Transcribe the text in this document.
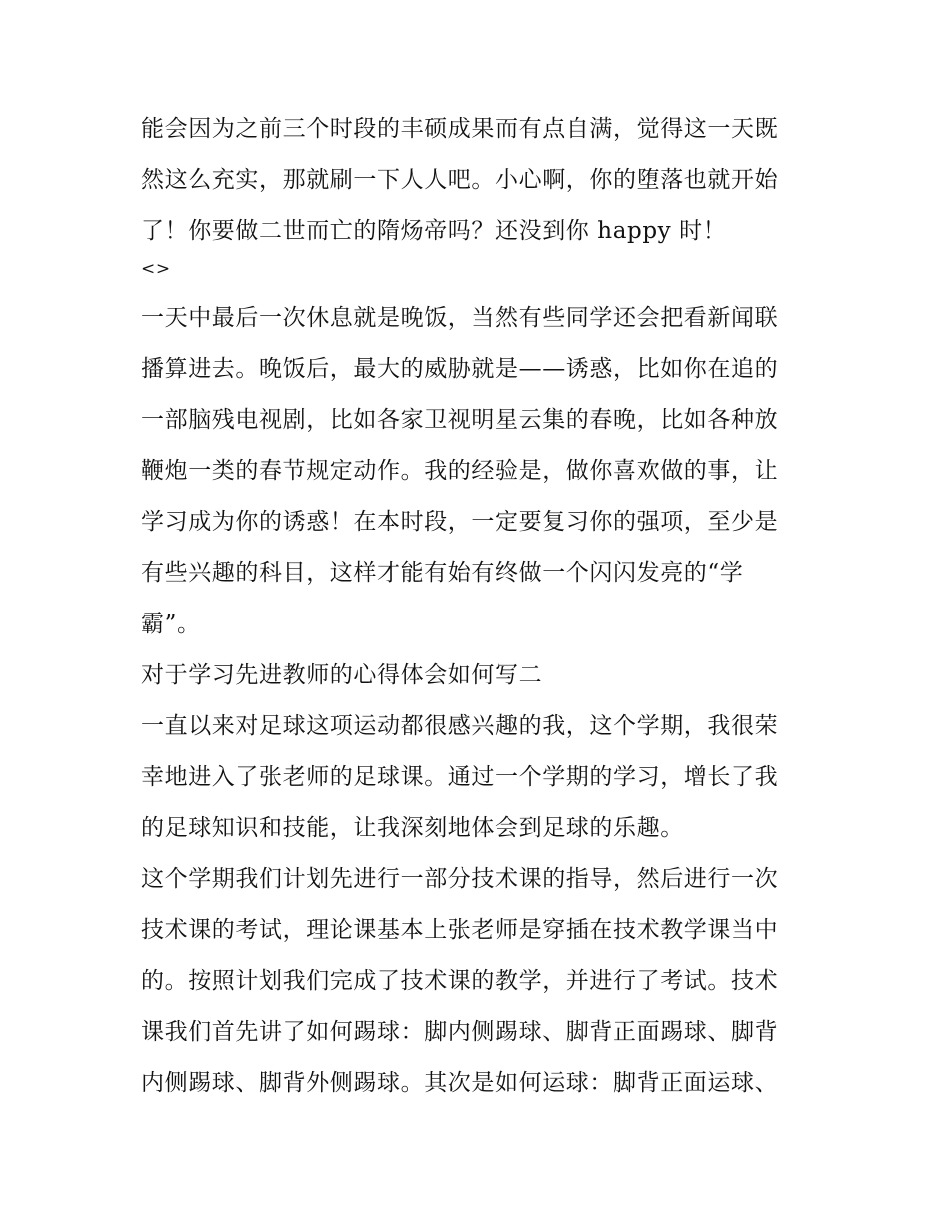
能会因为之前三个时段的丰硕成果而有点自满，觉得这一天既
然这么充实，那就刷一下人人吧。小心啊，你的堕落也就开始
了！你要做二世而亡的隋炀帝吗？还没到你 happy 时！
<>
一天中最后一次休息就是晚饭，当然有些同学还会把看新闻联
播算进去。晚饭后，最大的威胁就是——诱惑，比如你在追的
一部脑残电视剧，比如各家卫视明星云集的春晚，比如各种放
鞭炮一类的春节规定动作。我的经验是，做你喜欢做的事，让
学习成为你的诱惑！在本时段，一定要复习你的强项，至少是
有些兴趣的科目，这样才能有始有终做一个闪闪发亮的“学
霸”。
对于学习先进教师的心得体会如何写二
一直以来对足球这项运动都很感兴趣的我，这个学期，我很荣
幸地进入了张老师的足球课。通过一个学期的学习，增长了我
的足球知识和技能，让我深刻地体会到足球的乐趣。
这个学期我们计划先进行一部分技术课的指导，然后进行一次
技术课的考试，理论课基本上张老师是穿插在技术教学课当中
的。按照计划我们完成了技术课的教学，并进行了考试。技术
课我们首先讲了如何踢球：脚内侧踢球、脚背正面踢球、脚背
内侧踢球、脚背外侧踢球。其次是如何运球：脚背正面运球、
